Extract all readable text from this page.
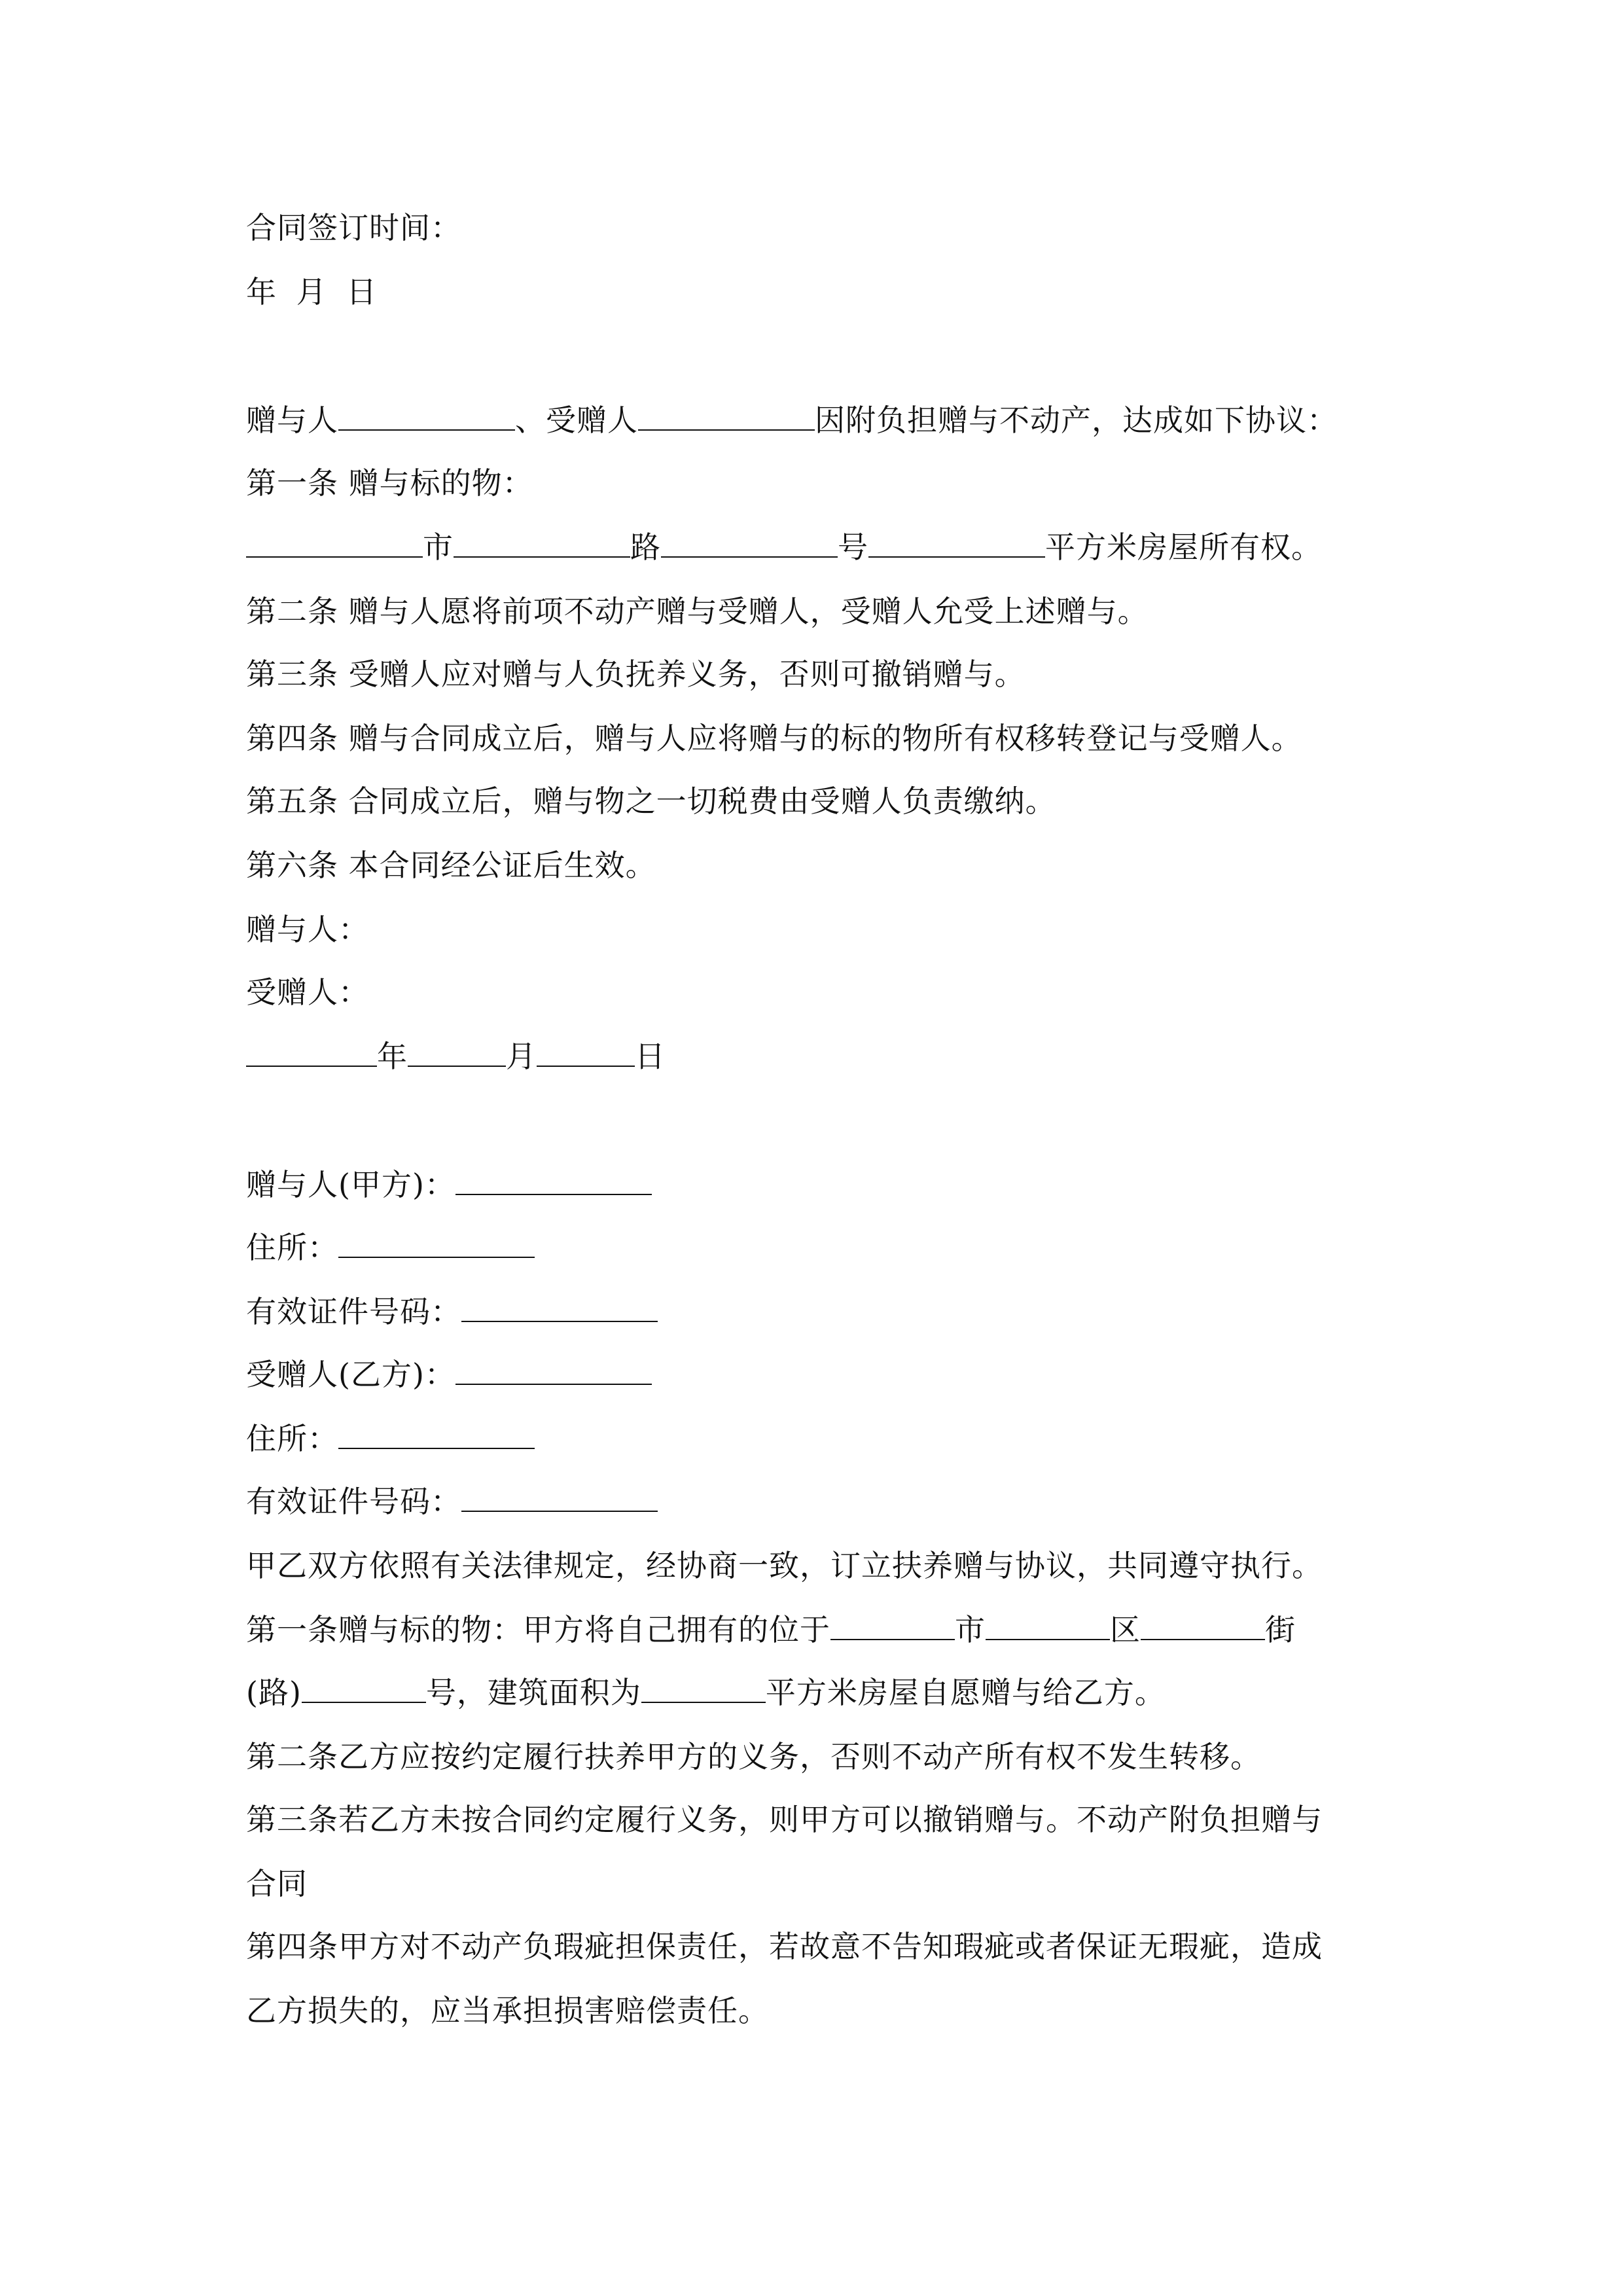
合同签订时间：
年 月 日
赠与人	、受赠人	因附负担赠与不动产，达成如下协议：
第一条 赠与标的物：
市	路	号	平方米房屋所有权。
第二条 赠与人愿将前项不动产赠与受赠人，受赠人允受上述赠与。
第三条 受赠人应对赠与人负抚养义务，否则可撤销赠与。
第四条 赠与合同成立后，赠与人应将赠与的标的物所有权移转登记与受赠人。
第五条 合同成立后，赠与物之一切税费由受赠人负责缴纳。
第六条 本合同经公证后生效。
赠与人：
受赠人：
年	月	日
赠与人(甲方)：
住所：
有效证件号码：
受赠人(乙方)：
住所：
有效证件号码：
甲乙双方依照有关法律规定，经协商一致，订立扶养赠与协议，共同遵守执行。
第一条赠与标的物：甲方将自己拥有的位于	市	区	街
(路)	号，建筑面积为	平方米房屋自愿赠与给乙方。
第二条乙方应按约定履行扶养甲方的义务，否则不动产所有权不发生转移。
第三条若乙方未按合同约定履行义务，则甲方可以撤销赠与。不动产附负担赠与
合同
第四条甲方对不动产负瑕疵担保责任，若故意不告知瑕疵或者保证无瑕疵，造成
乙方损失的，应当承担损害赔偿责任。
